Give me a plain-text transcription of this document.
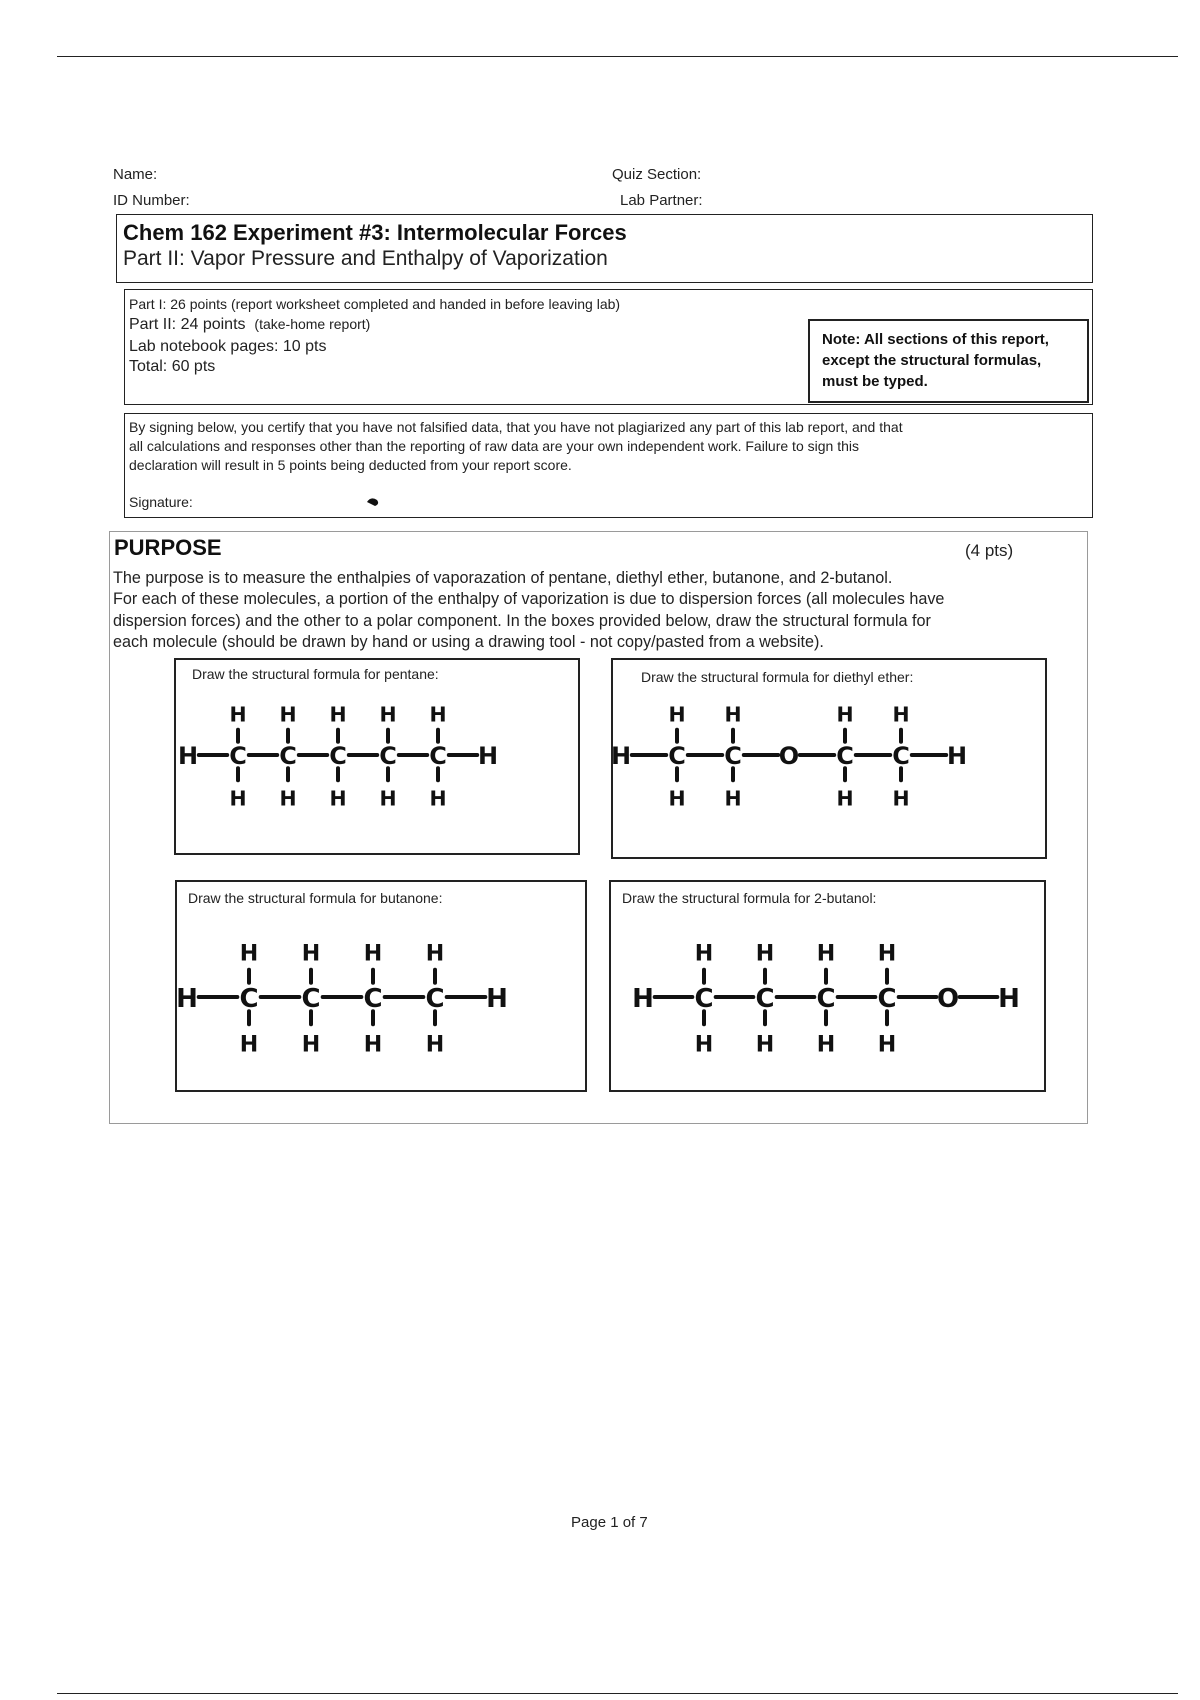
Name:
ID Number:
Quiz Section:
Lab Partner:
Chem 162 Experiment #3: Intermolecular Forces
Part II: Vapor Pressure and Enthalpy of Vaporization
Part I: 26 points (report worksheet completed and handed in before leaving lab)
Part II: 24 points (take-home report)
Lab notebook pages: 10 pts
Total: 60 pts
Note: All sections of this report, except the structural formulas, must be typed.
By signing below, you certify that you have not falsified data, that you have not plagiarized any part of this lab report, and that
all calculations and responses other than the reporting of raw data are your own independent work. Failure to sign this
declaration will result in 5 points being deducted from your report score.
Signature:
PURPOSE	(4 pts)
The purpose is to measure the enthalpies of vaporazation of pentane, diethyl ether, butanone, and 2-butanol.
For each of these molecules, a portion of the enthalpy of vaporization is due to dispersion forces (all molecules have
dispersion forces) and the other to a polar component. In the boxes provided below, draw the structural formula for
each molecule (should be drawn by hand or using a drawing tool - not copy/pasted from a website).
Draw the structural formula for pentane:
H C
H
H
C
H
H
C
H
H
C
H
H
C
H
H
H
Draw the structural formula for diethyl ether:
H C
H
H
C
H
H
O C
H
H
C
H
H
H
Draw the structural formula for butanone:
H C
H
H
C
H
H
C
H
H
C
H
H
H
Draw the structural formula for 2-butanol:
H C
H
H
C
H
H
C
H
H
C
H
H
O H
Page 1 of 7
